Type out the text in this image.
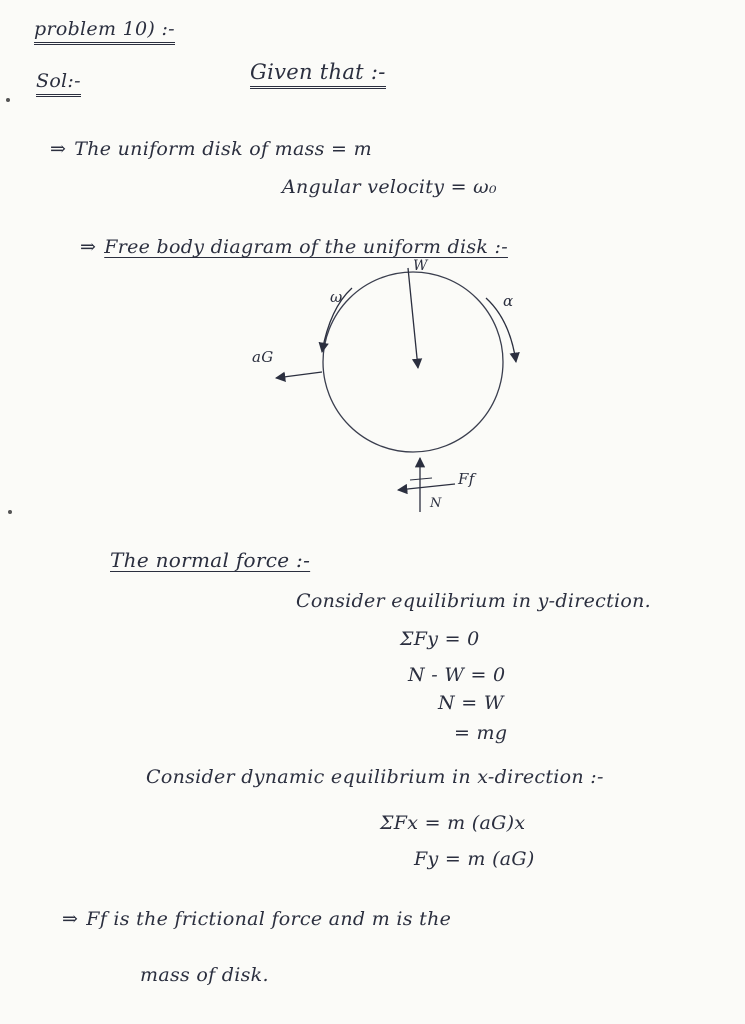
problem 10) :-
Sol:-	Given that :-
⇒ The uniform disk of mass = m
Angular velocity = ω₀
⇒ Free body diagram of the uniform disk :-
W
ω	α
aG
Ff
N
The normal force :-
Consider equilibrium in y-direction.
ΣFy = 0
N - W = 0
N = W
= mg
Consider dynamic equilibrium in x-direction :-
ΣFx = m (aG)x
Fy = m (aG)
⇒ Ff is the frictional force and m is the
mass of disk.
